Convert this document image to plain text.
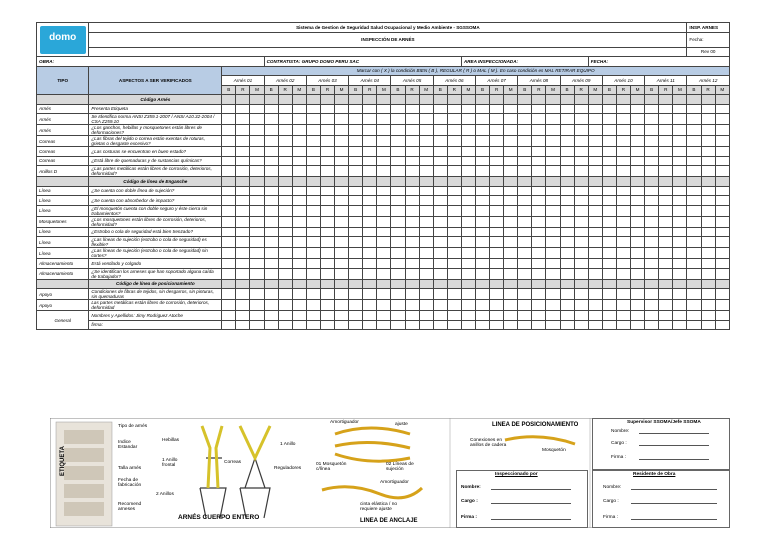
domo	Sistema de Gestion de Seguridad Salud Ocupacional y Medio Ambiente - SGSSOMA																																		INSP. ARNES		
	INSPECCIÓN DE ARNÉS																																		Fecha:		
																																			Rev 00		
OBRA:					CONTRATISTA: GRUPO DOMO PERU SAC														AREA INSPECCIONADA:									FECHA:									
TIPO	ASPECTOS A SER VERIFICADOS	Marcar con ( X ) la condición BIEN ( B ), REGULAR ( R ) o MAL ( M ). En caso condición es MAL RETIRAR EQUIPO																																			
		Arnés 01			Arnés 02			Arnés 03			Arnés 04			Arnés 05			Arnés 06			Arnés 07			Arnés 08			Arnés 09			Arnés 10			Arnés 11			Arnés 12		
		B	R	M	B	R	M	B	R	M	B	R	M	B	R	M	B	R	M	B	R	M	B	R	M	B	R	M	B	R	M	B	R	M	B	R	M
	Código Arnés																																				
Arnés	Presenta Etiqueta																																				
Arnés	Se Identifica norma ANSI Z359.1-2007 / ANSI A10.32-2004 / CSA Z259.10																																				
Arnés	¿Los ganchos, hebillas y mosquetones están libres de deformaciones?																																				
Correas	¿Las fibras del tejido o correa están exentas de roturas, grietas o desgaste excesivo?																																				
Correas	¿Las costuras se encuentran en buen estado?																																				
Correas	¿Está libre de quemaduras y de sustancias químicas?																																				
Anillos D	¿Las partes metálicas están libres de corrosión, deterioros, deformidad?																																				
	Código de línea de Enganche																																				
Línea	¿Se cuenta con doble línea de sujeción?																																				
Línea	¿Se cuenta con absorbedor de impacto?																																				
Línea	¿El mosquetón cuenta con doble seguro y éste cierra sin trabamientos?																																				
Mosquetones	¿Los mosquetones están libres de corrosión, deterioros, deformidad?																																				
Línea	¿Estrobo o cola de seguridad está bien trenzado?																																				
Línea	¿Las líneas de sujeción (estrobo o cola de seguridad) es flexible?																																				
Línea	¿Las líneas de sujeción (estrobo o cola de seguridad) sin cortes?																																				
Almacenamiento	Está ventilado y colgado																																				
Almacenamiento	¿Se identifican los arneses que han soportado alguna caída de trabajador?																																				
	Código de línea de posicionamiento																																				
Apoyo	Condiciones de fibras de tejidos, sin desgarros, sin pinturas, sin quemaduras																																				
Apoyo	Las partes metálicas están libres de corrosión, deterioros, deformidad																																				
General	Nombres y Apellidos: Jimy Rodriguez Atoche																																				
	firma:																																				
ETIQUETA
Tipo de arnés
Indice Estandar
Talla arnés
Fecha de fabricación
Recomend arneses
Hebillas
1 Anillo frontal
2 Anillos
Correas
1 Anillo
Reguladores
ARNÉS CUERPO ENTERO
Amortiguador	ajuste
01 Mosquetón c/línea
02 Líneas de sujeción
Amortiguador
cinta elástica / no requiere ajuste
LINEA DE ANCLAJE
LINEA DE POSICIONAMIENTO
Conexiones en anillos de cadera
Mosquetón
Inspeccionado por
Nombre:
Cargo :
Firma :
Supervisor SSOMA/Jefe SSOMA
Nombre:
Cargo :
Firma :
Residente de Obra
Nombre:
Cargo :
Firma :
